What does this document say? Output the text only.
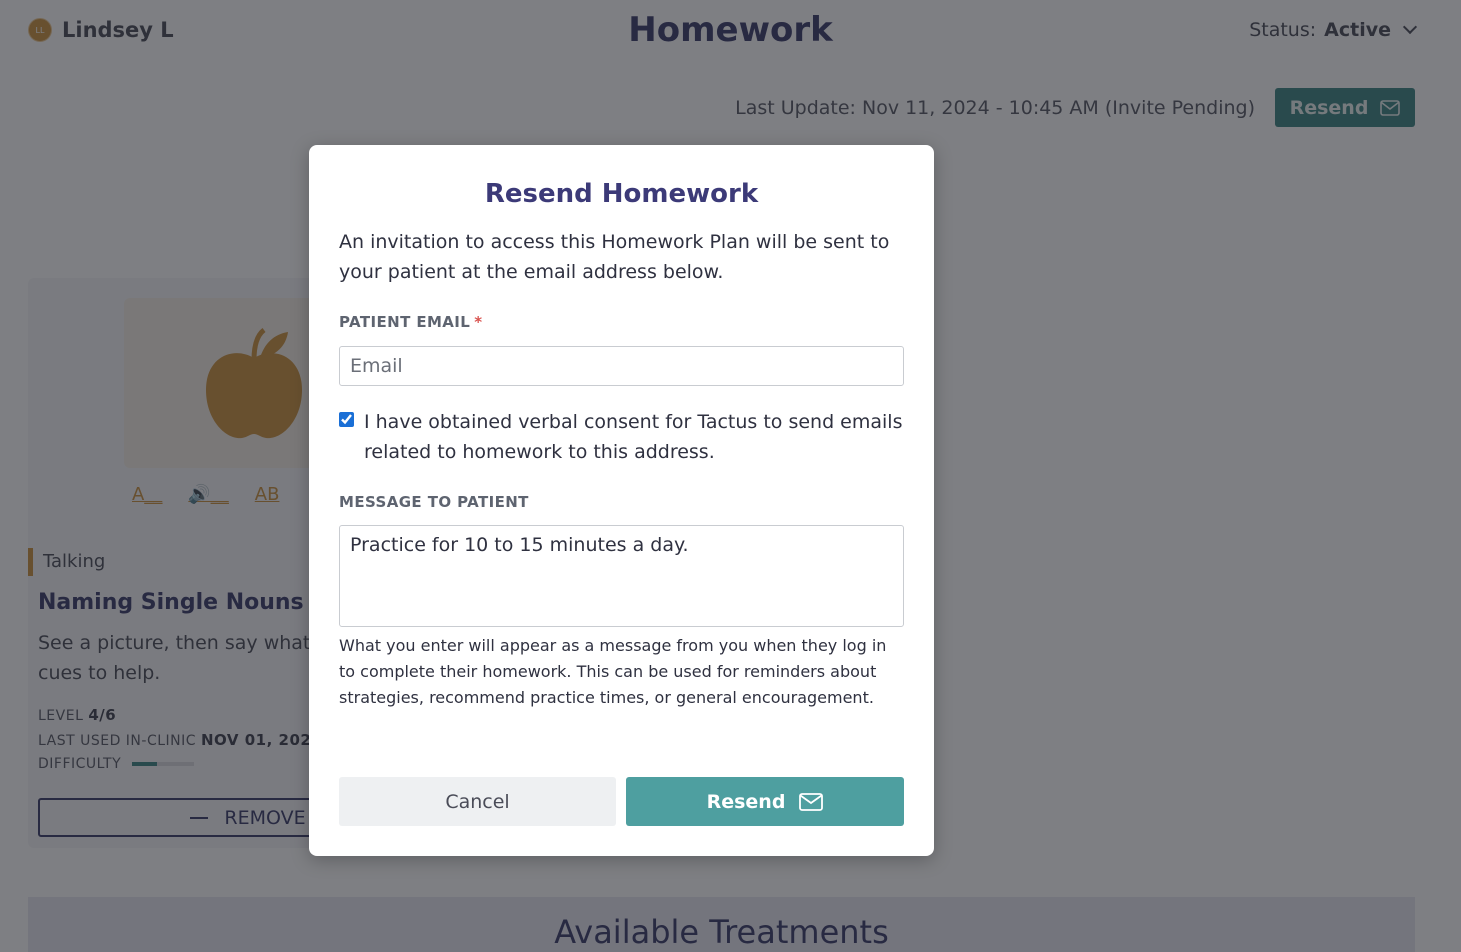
Resend Homework
An invitation to access this Homework Plan will be sent to your patient at the email address below.
PATIENT EMAIL *
Email
I have obtained verbal consent for Tactus to send emails related to homework to this address.
MESSAGE TO PATIENT
Practice for 10 to 15 minutes a day.
What you enter will appear as a message from you when they log in to complete their homework. This can be used for reminders about strategies, recommend practice times, or general encouragement.
Cancel	Resend
